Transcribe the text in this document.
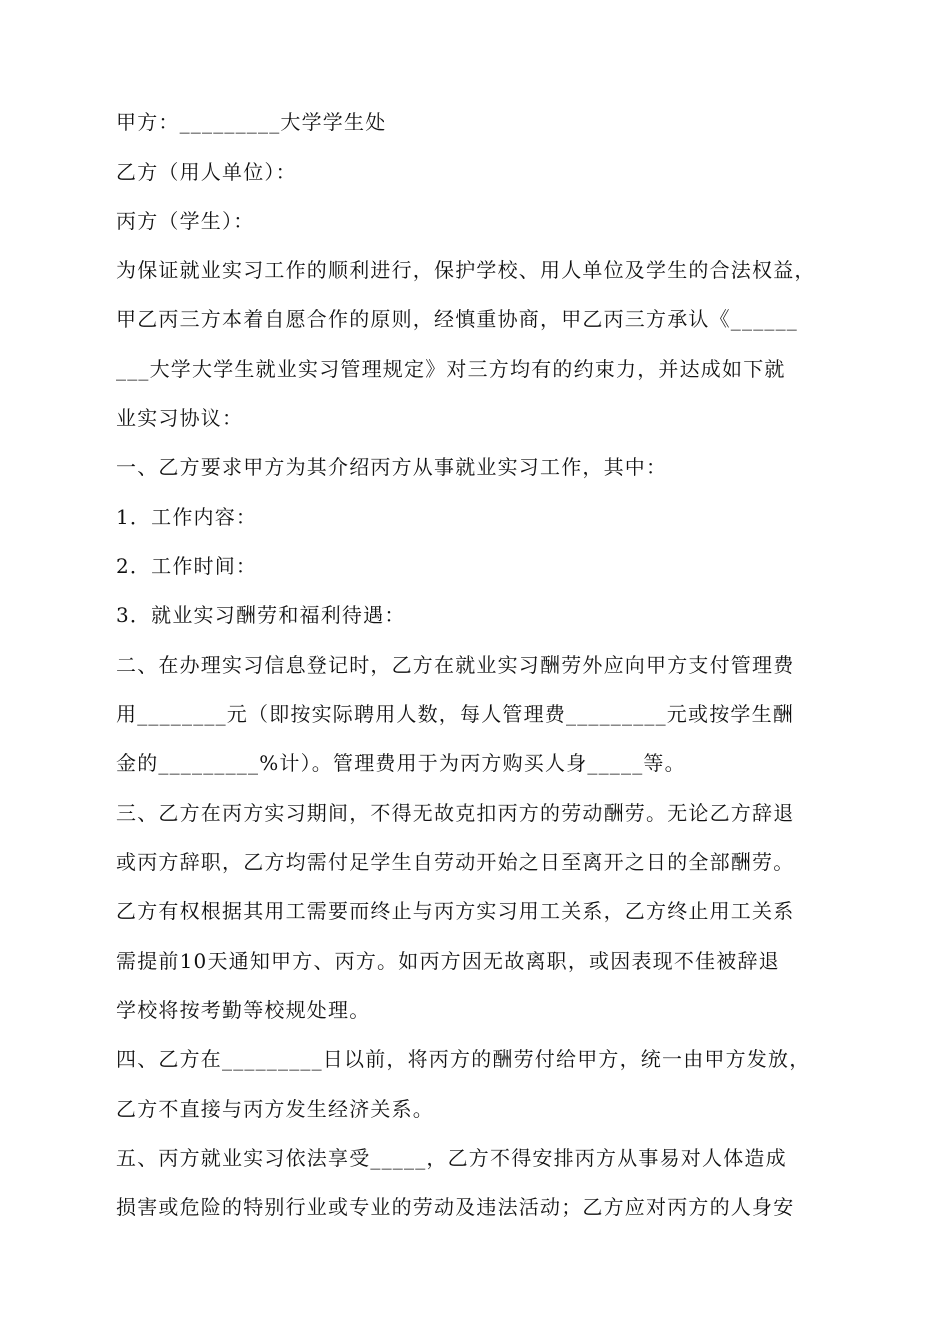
甲方：_________大学学生处
乙方（用人单位）：
丙方（学生）：
为保证就业实习工作的顺利进行，保护学校、用人单位及学生的合法权益，
甲乙丙三方本着自愿合作的原则，经慎重协商，甲乙丙三方承认《______
___大学大学生就业实习管理规定》对三方均有的约束力，并达成如下就
业实习协议：
一、乙方要求甲方为其介绍丙方从事就业实习工作，其中：
1．工作内容：
2．工作时间：
3．就业实习酬劳和福利待遇：
二、在办理实习信息登记时，乙方在就业实习酬劳外应向甲方支付管理费
用________元（即按实际聘用人数，每人管理费_________元或按学生酬
金的_________%计）。管理费用于为丙方购买人身_____等。
三、乙方在丙方实习期间，不得无故克扣丙方的劳动酬劳。无论乙方辞退
或丙方辞职，乙方均需付足学生自劳动开始之日至离开之日的全部酬劳。
乙方有权根据其用工需要而终止与丙方实习用工关系，乙方终止用工关系
需提前10天通知甲方、丙方。如丙方因无故离职，或因表现不佳被辞退
学校将按考勤等校规处理。
四、乙方在_________日以前，将丙方的酬劳付给甲方，统一由甲方发放，
乙方不直接与丙方发生经济关系。
五、丙方就业实习依法享受_____，乙方不得安排丙方从事易对人体造成
损害或危险的特别行业或专业的劳动及违法活动；乙方应对丙方的人身安
